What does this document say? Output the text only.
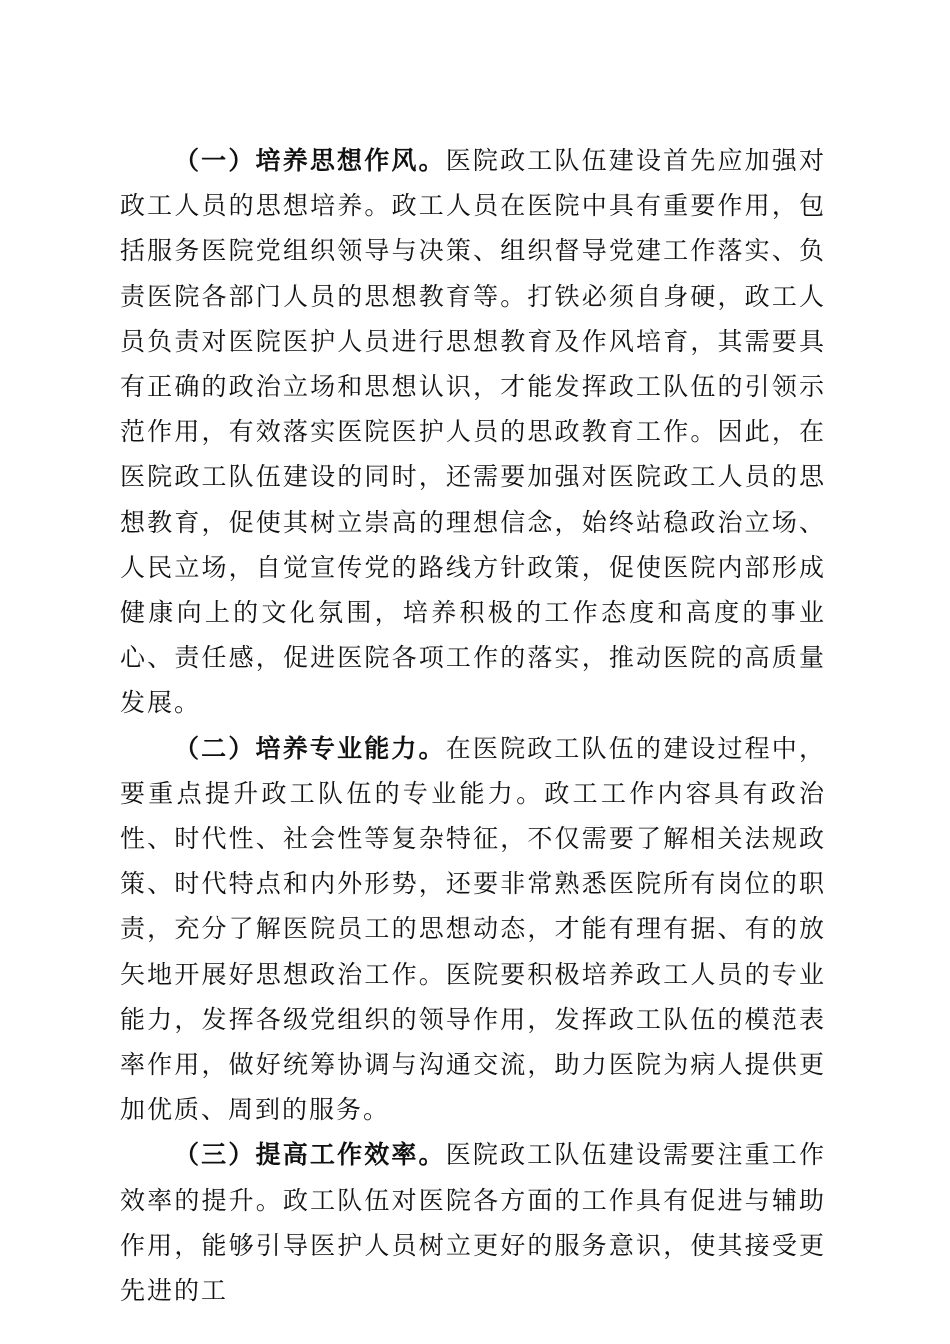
（一）培养思想作风。医院政工队伍建设首先应加强对政工人员的思想培养。政工人员在医院中具有重要作用，包括服务医院党组织领导与决策、组织督导党建工作落实、负责医院各部门人员的思想教育等。打铁必须自身硬，政工人员负责对医院医护人员进行思想教育及作风培育，其需要具有正确的政治立场和思想认识，才能发挥政工队伍的引领示范作用，有效落实医院医护人员的思政教育工作。因此，在医院政工队伍建设的同时，还需要加强对医院政工人员的思想教育，促使其树立崇高的理想信念，始终站稳政治立场、人民立场，自觉宣传党的路线方针政策，促使医院内部形成健康向上的文化氛围，培养积极的工作态度和高度的事业心、责任感，促进医院各项工作的落实，推动医院的高质量发展。

（二）培养专业能力。在医院政工队伍的建设过程中，要重点提升政工队伍的专业能力。政工工作内容具有政治性、时代性、社会性等复杂特征，不仅需要了解相关法规政策、时代特点和内外形势，还要非常熟悉医院所有岗位的职责，充分了解医院员工的思想动态，才能有理有据、有的放矢地开展好思想政治工作。医院要积极培养政工人员的专业能力，发挥各级党组织的领导作用，发挥政工队伍的模范表率作用，做好统筹协调与沟通交流，助力医院为病人提供更加优质、周到的服务。

（三）提高工作效率。医院政工队伍建设需要注重工作效率的提升。政工队伍对医院各方面的工作具有促进与辅助作用，能够引导医护人员树立更好的服务意识，使其接受更先进的工
